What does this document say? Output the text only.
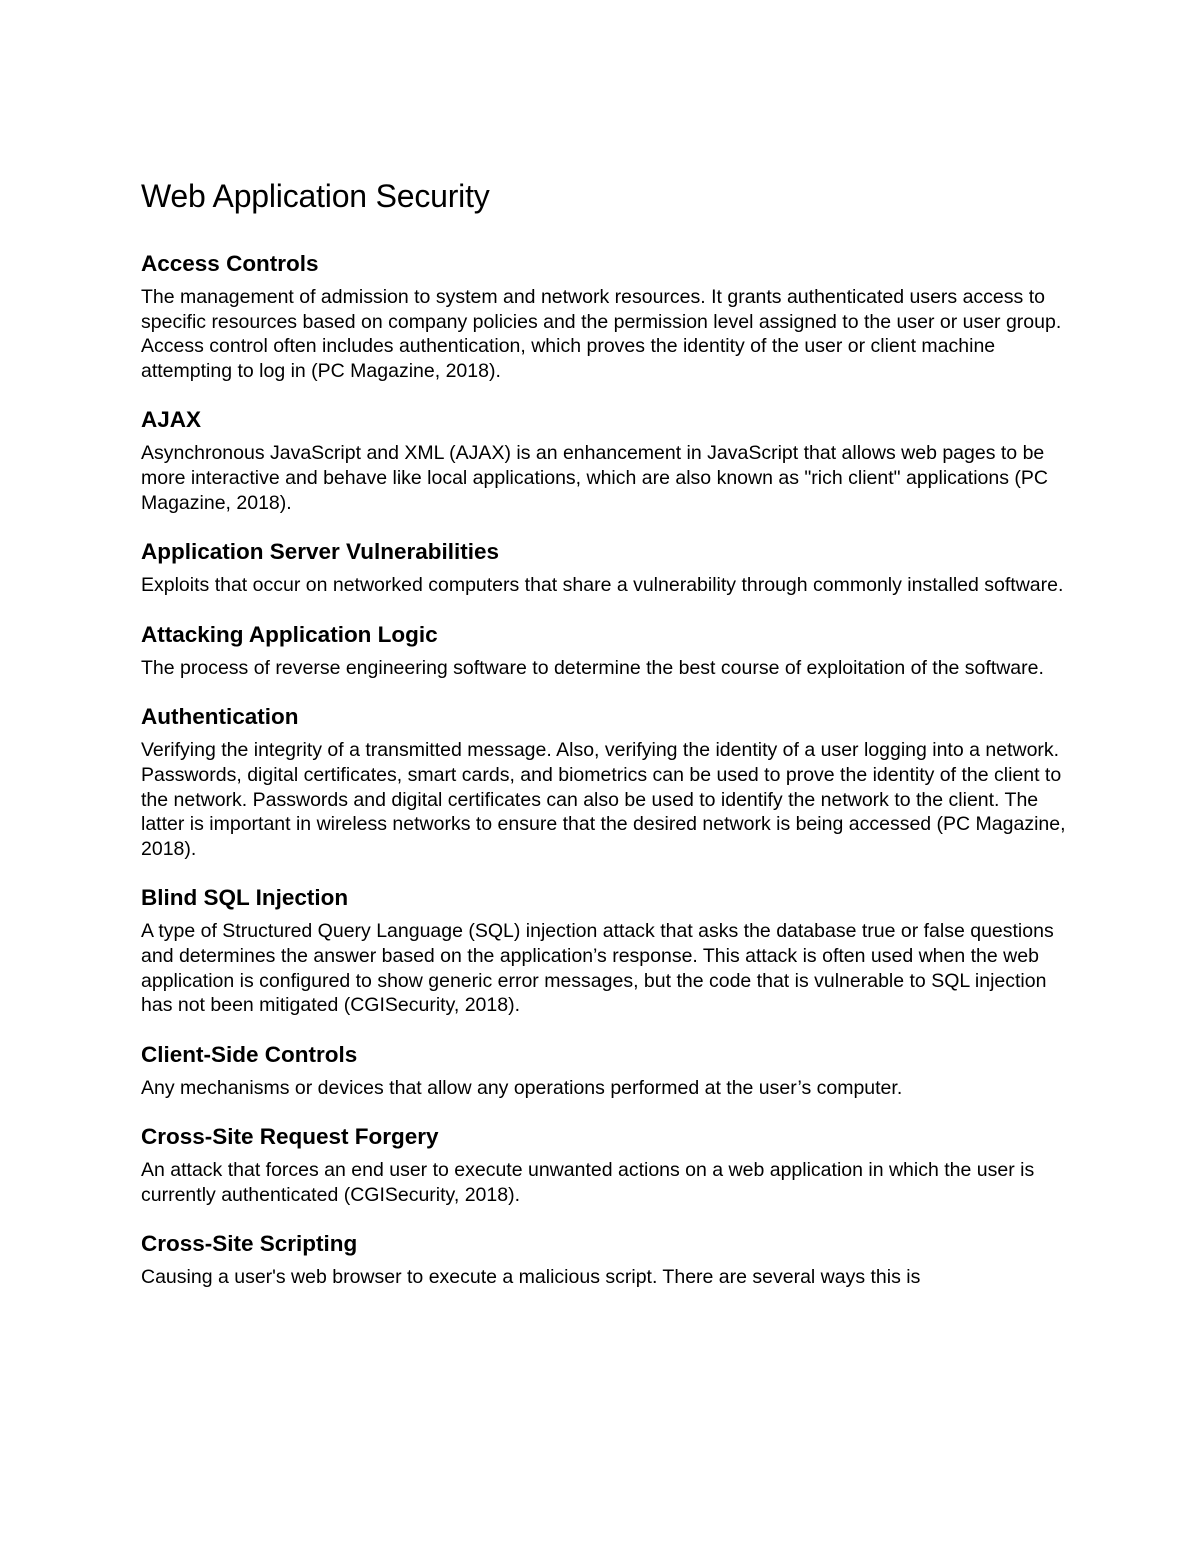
Web Application Security
Access Controls

The management of admission to system and network resources. It grants authenticated users access to specific resources based on company policies and the permission level assigned to the user or user group. Access control often includes authentication, which proves the identity of the user or client machine attempting to log in (PC Magazine, 2018).

AJAX

Asynchronous JavaScript and XML (AJAX) is an enhancement in JavaScript that allows web pages to be more interactive and behave like local applications, which are also known as "rich client" applications (PC Magazine, 2018).

Application Server Vulnerabilities

Exploits that occur on networked computers that share a vulnerability through commonly installed software.

Attacking Application Logic

The process of reverse engineering software to determine the best course of exploitation of the software.

Authentication

Verifying the integrity of a transmitted message. Also, verifying the identity of a user logging into a network. Passwords, digital certificates, smart cards, and biometrics can be used to prove the identity of the client to the network. Passwords and digital certificates can also be used to identify the network to the client. The latter is important in wireless networks to ensure that the desired network is being accessed (PC Magazine, 2018).

Blind SQL Injection

A type of Structured Query Language (SQL) injection attack that asks the database true or false questions and determines the answer based on the application’s response. This attack is often used when the web application is configured to show generic error messages, but the code that is vulnerable to SQL injection has not been mitigated (CGISecurity, 2018).

Client-Side Controls

Any mechanisms or devices that allow any operations performed at the user’s computer.

Cross-Site Request Forgery

An attack that forces an end user to execute unwanted actions on a web application in which the user is currently authenticated (CGISecurity, 2018).

Cross-Site Scripting

Causing a user's web browser to execute a malicious script. There are several ways this is
